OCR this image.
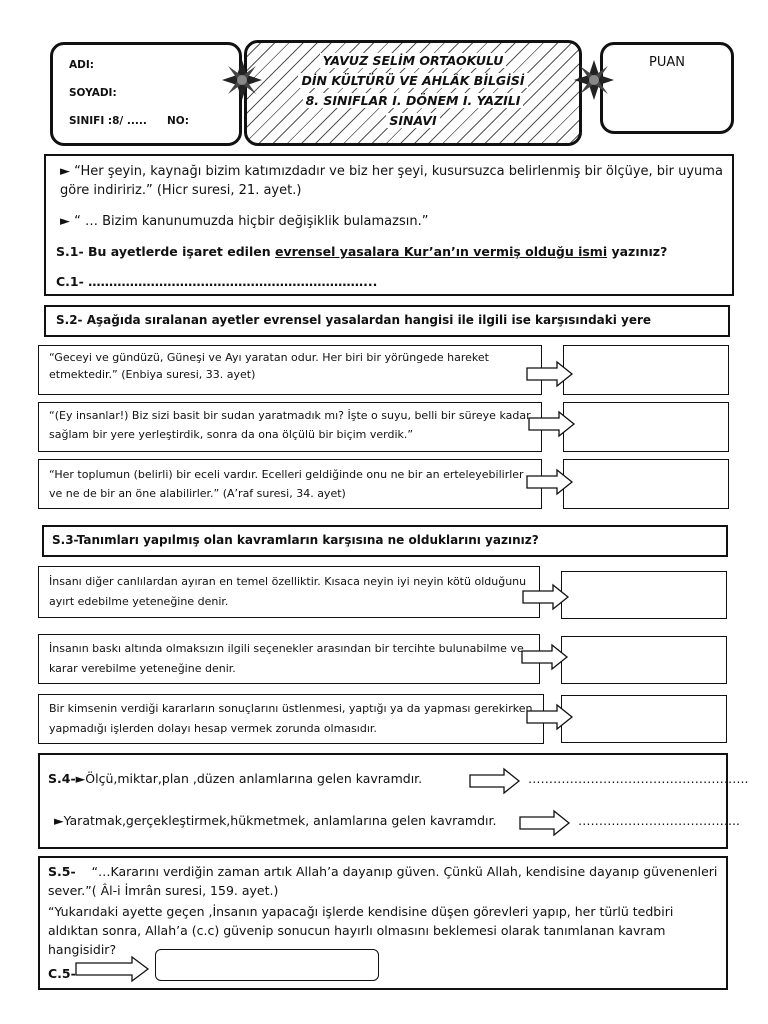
ADI:
SOYADI:
SINIFI :8/ ..... NO:
YAVUZ SELİM ORTAOKULU
DİN KÜLTÜRÜ VE AHLÂK BİLGİSİ
8. SINIFLAR I. DÖNEM I. YAZILI
SINAVI
PUAN
► “Her şeyin, kaynağı bizim katımızdadır ve biz her şeyi, kusursuzca belirlenmiş bir ölçüye, bir uyuma göre indiririz.” (Hicr suresi, 21. ayet.)
► “ … Bizim kanunumuzda hiçbir değişiklik bulamazsın.”
S.1- Bu ayetlerde işaret edilen evrensel yasalara Kur’an’ın vermiş olduğu ismi yazınız?
C.1- …………………………………………………………...
S.2- Aşağıda sıralanan ayetler evrensel yasalardan hangisi ile ilgili ise karşısındaki yere
“Geceyi ve gündüzü, Güneşi ve Ayı yaratan odur. Her biri bir yörüngede hareket etmektedir.” (Enbiya suresi, 33. ayet)
“(Ey insanlar!) Biz sizi basit bir sudan yaratmadık mı? İşte o suyu, belli bir süreye kadar sağlam bir yere yerleştirdik, sonra da ona ölçülü bir biçim verdik.”
“Her toplumun (belirli) bir eceli vardır. Ecelleri geldiğinde onu ne bir an erteleyebilirler ve ne de bir an öne alabilirler.” (A’raf suresi, 34. ayet)
S.3-Tanımları yapılmış olan kavramların karşısına ne olduklarını yazınız?
İnsanı diğer canlılardan ayıran en temel özelliktir. Kısaca neyin iyi neyin kötü olduğunu ayırt edebilme yeteneğine denir.
İnsanın baskı altında olmaksızın ilgili seçenekler arasından bir tercihte bulunabilme ve karar verebilme yeteneğine denir.
Bir kimsenin verdiği kararların sonuçlarını üstlenmesi, yaptığı ya da yapması gerekirken yapmadığı işlerden dolayı hesap vermek zorunda olmasıdır.
S.4-►Ölçü,miktar,plan ,düzen anlamlarına gelen kavramdır.	……………………………………………..
►Yaratmak,gerçekleştirmek,hükmetmek, anlamlarına gelen kavramdır.	………………………………...
S.5- “…Kararını verdiğin zaman artık Allah’a dayanıp güven. Çünkü Allah, kendisine dayanıp güvenenleri sever.”( Âl-i İmrân suresi, 159. ayet.)
“Yukarıdaki ayette geçen ,İnsanın yapacağı işlerde kendisine düşen görevleri yapıp, her türlü tedbiri aldıktan sonra, Allah’a (c.c) güvenip sonucun hayırlı olmasını beklemesi olarak tanımlanan kavram hangisidir?
C.5-
